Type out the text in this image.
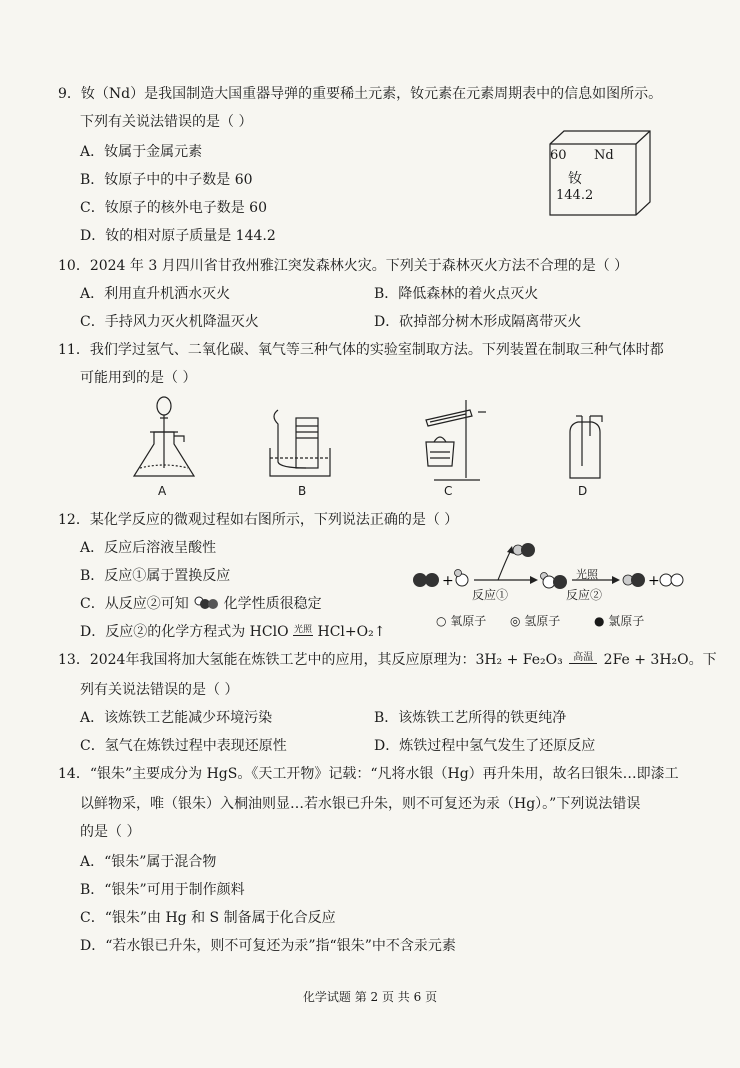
9．钕（Nd）是我国制造大国重器导弹的重要稀土元素，钕元素在元素周期表中的信息如图所示。
下列有关说法错误的是（ ）
A．钕属于金属元素
B．钕原子中的中子数是 60
C．钕原子的核外电子数是 60
D．钕的相对原子质量是 144.2
60 Nd
钕
144.2
10．2024 年 3 月四川省甘孜州雅江突发森林火灾。下列关于森林灭火方法不合理的是（ ）
A．利用直升机洒水灭火	B．降低森林的着火点灭火
C．手持风力灭火机降温灭火	D．砍掉部分树木形成隔离带灭火
11．我们学过氢气、二氧化碳、氧气等三种气体的实验室制取方法。下列装置在制取三种气体时都
可能用到的是（ ）
A	B	C	D
12．某化学反应的微观过程如右图所示，下列说法正确的是（ ）
A．反应后溶液呈酸性
B．反应①属于置换反应
C．从反应②可知 化学性质很稳定
D．反应②的化学方程式为 HClO 光照 HCl+O₂↑
+	+
光照
反应①	反应②
○ 氧原子 ◎ 氢原子	● 氯原子
13．2024年我国将加大氢能在炼铁工艺中的应用，其反应原理为：3H₂ + Fe₂O₃ 高温 2Fe + 3H₂O。下
列有关说法错误的是（ ）
A．该炼铁工艺能减少环境污染	B．该炼铁工艺所得的铁更纯净
C．氢气在炼铁过程中表现还原性	D．炼铁过程中氢气发生了还原反应
14．“银朱”主要成分为 HgS。《天工开物》记载：“凡将水银（Hg）再升朱用，故名曰银朱…即漆工
以鲜物采，唯（银朱）入桐油则显…若水银已升朱，则不可复还为汞（Hg）。”下列说法错误
的是（ ）
A．“银朱”属于混合物
B．“银朱”可用于制作颜料
C．“银朱”由 Hg 和 S 制备属于化合反应
D．“若水银已升朱，则不可复还为汞”指“银朱”中不含汞元素
化学试题 第 2 页 共 6 页
